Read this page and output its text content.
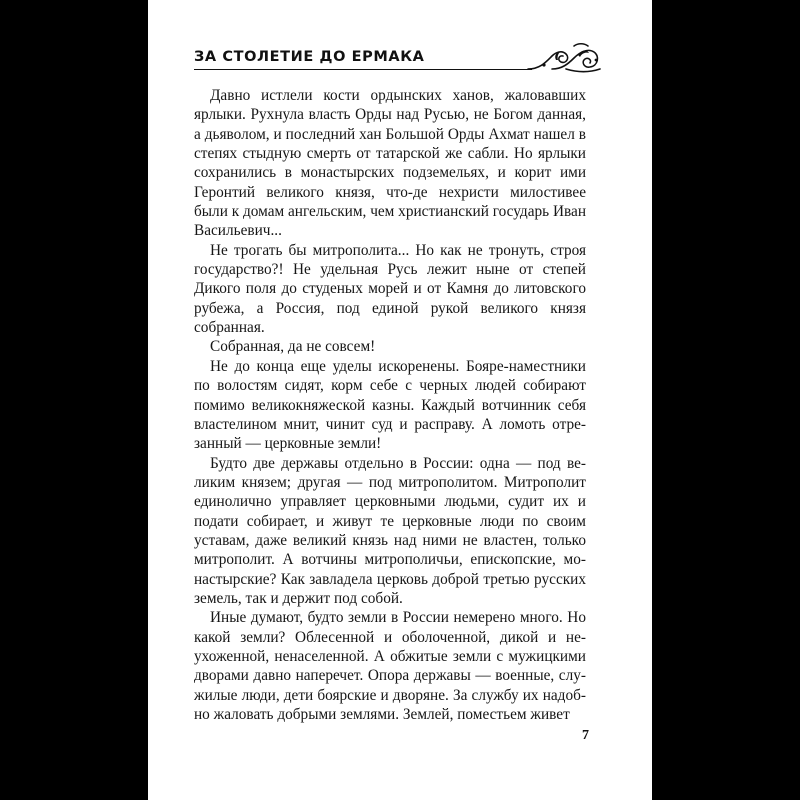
ЗА СТОЛЕТИЕ ДО ЕРМАКА

Давно истлели кости ордынских ханов, жаловавших ярлыки. Рухнула власть Орды над Русью, не Богом данная, а дьяволом, и последний хан Большой Орды Ахмат нашел в степях стыдную смерть от татарской же сабли. Но ярлыки сохранились в монастырских подземельях, и корит ими Геронтий великого князя, что-де нехристи милостивее были к домам ангельским, чем христианский государь Иван Васильевич...

Не трогать бы митрополита... Но как не тронуть, строя государство?! Не удельная Русь лежит ныне от степей Дикого поля до студеных морей и от Камня до литовского рубежа, а Россия, под единой рукой великого князя собранная.

Собранная, да не совсем!

Не до конца еще уделы искоренены. Бояре-наместники по волостям сидят, корм себе с черных людей собирают помимо великокняжеской казны. Каждый вотчинник себя властелином мнит, чинит суд и расправу. А ломоть отрезанный — церковные земли!

Будто две державы отдельно в России: одна — под великим князем; другая — под митрополитом. Митрополит единолично управляет церковными людьми, судит их и подати собирает, и живут те церковные люди по своим уставам, даже великий князь над ними не властен, только митрополит. А вотчины митрополичьи, епископские, монастырские? Как завладела церковь доброй третью русских земель, так и держит под собой.

Иные думают, будто земли в России немерено много. Но какой земли? Облесенной и оболоченной, дикой и неухоженной, ненаселенной. А обжитые земли с мужицкими дворами давно наперечет. Опора державы — военные, служилые люди, дети боярские и дворяне. За службу их надобно жаловать добрыми землями. Землей, поместьем живет

7
